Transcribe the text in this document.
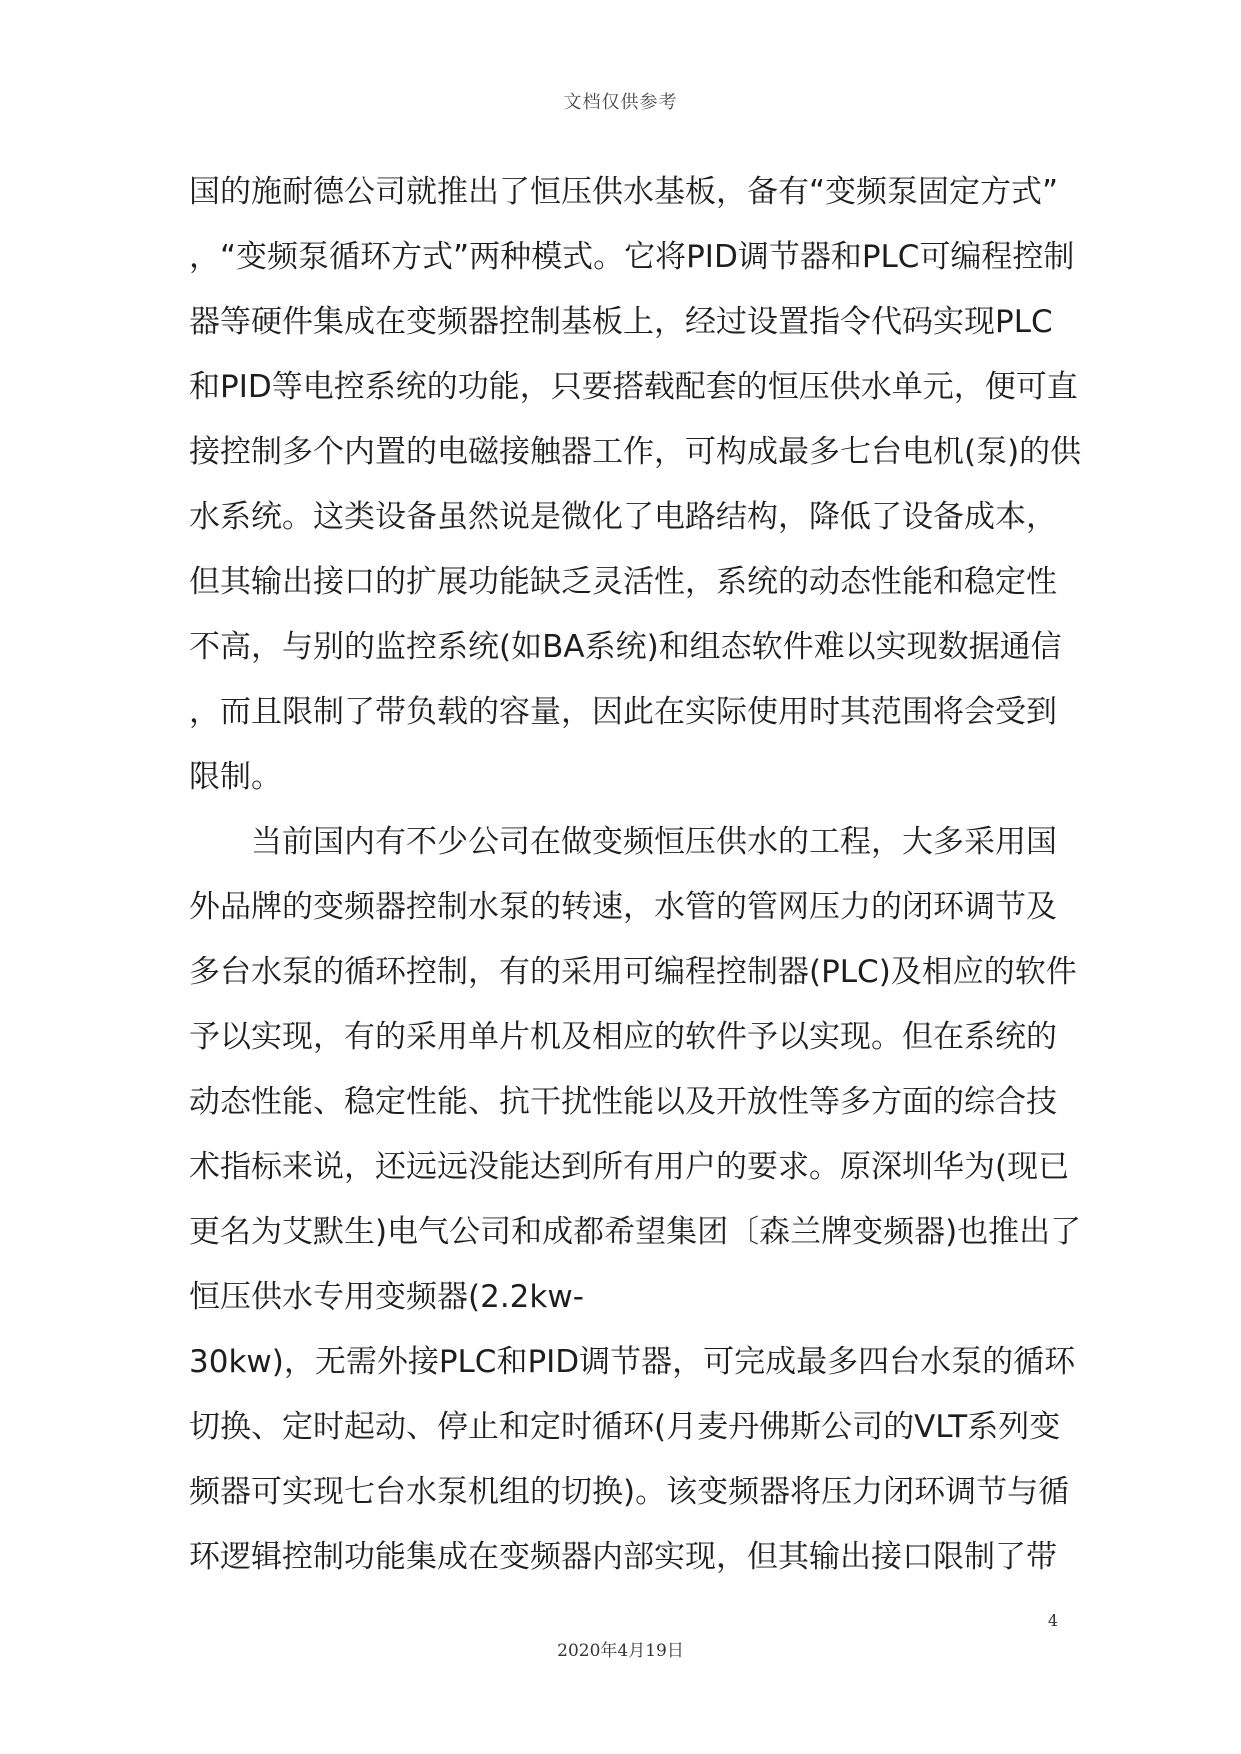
文档仅供参考
国的施耐德公司就推出了恒压供水基板，备有“变频泵固定方式”
，“变频泵循环方式”两种模式。它将PID调节器和PLC可编程控制
器等硬件集成在变频器控制基板上，经过设置指令代码实现PLC
和PID等电控系统的功能，只要搭载配套的恒压供水单元，便可直
接控制多个内置的电磁接触器工作，可构成最多七台电机(泵)的供
水系统。这类设备虽然说是微化了电路结构，降低了设备成本，
但其输出接口的扩展功能缺乏灵活性，系统的动态性能和稳定性
不高，与别的监控系统(如BA系统)和组态软件难以实现数据通信
，而且限制了带负载的容量，因此在实际使用时其范围将会受到
限制。
　　当前国内有不少公司在做变频恒压供水的工程，大多采用国
外品牌的变频器控制水泵的转速，水管的管网压力的闭环调节及
多台水泵的循环控制，有的采用可编程控制器(PLC)及相应的软件
予以实现，有的采用单片机及相应的软件予以实现。但在系统的
动态性能、稳定性能、抗干扰性能以及开放性等多方面的综合技
术指标来说，还远远没能达到所有用户的要求。原深圳华为(现已
更名为艾默生)电气公司和成都希望集团〔森兰牌变频器)也推出了
恒压供水专用变频器(2.2kw-
30kw)，无需外接PLC和PID调节器，可完成最多四台水泵的循环
切换、定时起动、停止和定时循环(月麦丹佛斯公司的VLT系列变
频器可实现七台水泵机组的切换)。该变频器将压力闭环调节与循
环逻辑控制功能集成在变频器内部实现，但其输出接口限制了带
4
2020年4月19日
